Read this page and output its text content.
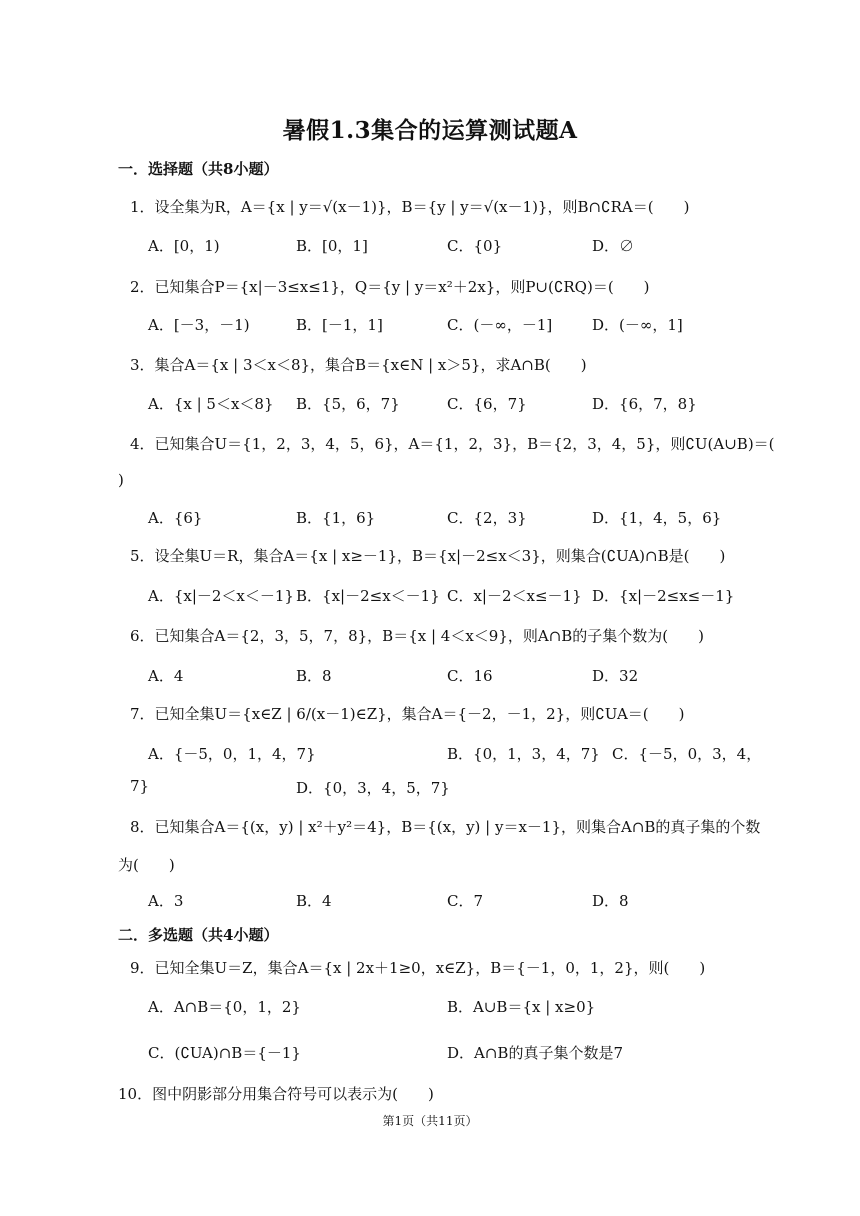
暑假1.3集合的运算测试题A
一．选择题（共8小题）
1．设全集为R，A＝{x | y＝√(x－1)}，B＝{y | y＝√(x－1)}，则B∩∁RA＝(　　)
A．[0，1)	B．[0，1]	C．{0}	D．∅
2．已知集合P＝{x|－3≤x≤1}，Q＝{y | y＝x²＋2x}，则P∪(∁RQ)＝(　　)
A．[－3，－1)	B．[－1，1]	C．(－∞，－1]	D．(－∞，1]
3．集合A＝{x | 3＜x＜8}，集合B＝{x∈N | x＞5}，求A∩B(　　)
A．{x | 5＜x＜8} B．{5，6，7}	C．{6，7}	D．{6，7，8}
4．已知集合U＝{1，2，3，4，5，6}，A＝{1，2，3}，B＝{2，3，4，5}，则∁U(A∪B)＝(
)
A．{6}	B．{1，6}	C．{2，3}	D．{1，4，5，6}
5．设全集U＝R，集合A＝{x | x≥－1}，B＝{x|－2≤x＜3}，则集合(∁UA)∩B是(　　)
A．{x|－2＜x＜－1} B．{x|－2≤x＜－1} C．x|－2＜x≤－1} D．{x|－2≤x≤－1}
6．已知集合A＝{2，3，5，7，8}，B＝{x | 4＜x＜9}，则A∩B的子集个数为(　　)
A．4	B．8	C．16	D．32
7．已知全集U＝{x∈Z | 6/(x－1)∈Z}，集合A＝{－2，－1，2}，则∁UA＝(　　)
A．{－5，0，1，4，7}	B．{0，1，3，4，7} C．{－5，0，3，4，
7}	D．{0，3，4，5，7}
8．已知集合A＝{(x，y) | x²＋y²＝4}，B＝{(x，y) | y＝x－1}，则集合A∩B的真子集的个数
为(　　)
A．3	B．4	C．7	D．8
二．多选题（共4小题）
9．已知全集U＝Z，集合A＝{x | 2x＋1≥0，x∈Z}，B＝{－1，0，1，2}，则(　　)
A．A∩B＝{0，1，2}	B．A∪B＝{x | x≥0}
C．(∁UA)∩B＝{－1}	D．A∩B的真子集个数是7
10．图中阴影部分用集合符号可以表示为(　　)
第1页（共11页）
